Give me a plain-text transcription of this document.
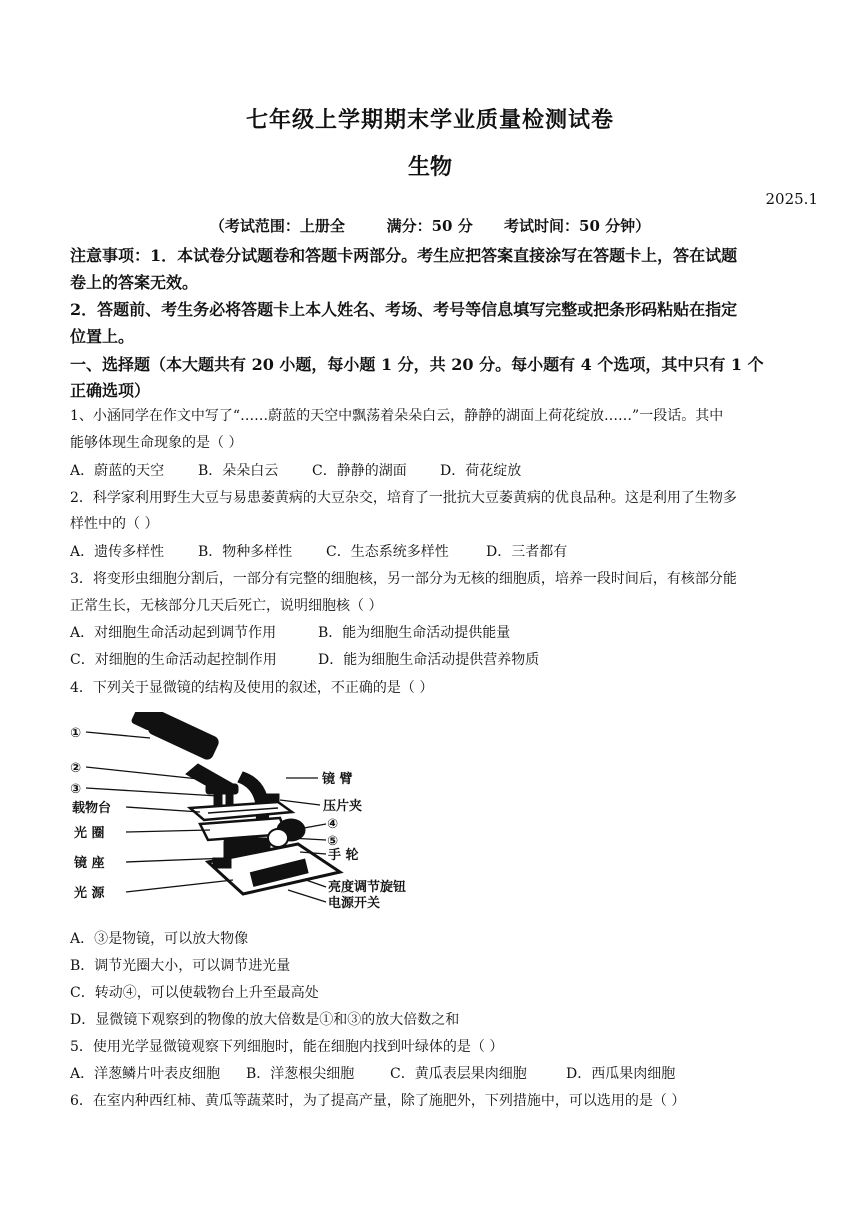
七年级上学期期末学业质量检测试卷
生物
2025.1
（考试范围：上册全        满分：50 分      考试时间：50 分钟）
注意事项：1．本试卷分试题卷和答题卡两部分。考生应把答案直接涂写在答题卡上，答在试题
卷上的答案无效。
2．答题前、考生务必将答题卡上本人姓名、考场、考号等信息填写完整或把条形码粘贴在指定
位置上。
一、选择题（本大题共有 20 小题，每小题 1 分，共 20 分。每小题有 4 个选项，其中只有 1 个
正确选项）
1、小涵同学在作文中写了“……蔚蓝的天空中飘荡着朵朵白云，静静的湖面上荷花绽放……”一段话。其中
能够体现生命现象的是（ ）
A．蔚蓝的天空 B．朵朵白云 C．静静的湖面 D．荷花绽放
2．科学家利用野生大豆与易患萎黄病的大豆杂交，培育了一批抗大豆萎黄病的优良品种。这是利用了生物多
样性中的（ ）
A．遗传多样性 B．物种多样性 C．生态系统多样性	D．三者都有
3．将变形虫细胞分割后，一部分有完整的细胞核，另一部分为无核的细胞质，培养一段时间后，有核部分能
正常生长，无核部分几天后死亡，说明细胞核（ ）
A．对细胞生命活动起到调节作用	B．能为细胞生命活动提供能量
C．对细胞的生命活动起控制作用	D．能为细胞生命活动提供营养物质
4．下列关于显微镜的结构及使用的叙述，不正确的是（ ）
①
②
③
载物台
光 圈
镜 座
光 源
镜 臂
压片夹
④
⑤
手 轮
亮度调节旋钮
电源开关
A．③是物镜，可以放大物像
B．调节光圈大小，可以调节进光量
C．转动④，可以使载物台上升至最高处
D．显微镜下观察到的物像的放大倍数是①和③的放大倍数之和
5．使用光学显微镜观察下列细胞时，能在细胞内找到叶绿体的是（ ）
A．洋葱鳞片叶表皮细胞 B．洋葱根尖细胞	C．黄瓜表层果肉细胞	D．西瓜果肉细胞
6．在室内种西红柿、黄瓜等蔬菜时，为了提高产量，除了施肥外，下列措施中，可以选用的是（ ）
